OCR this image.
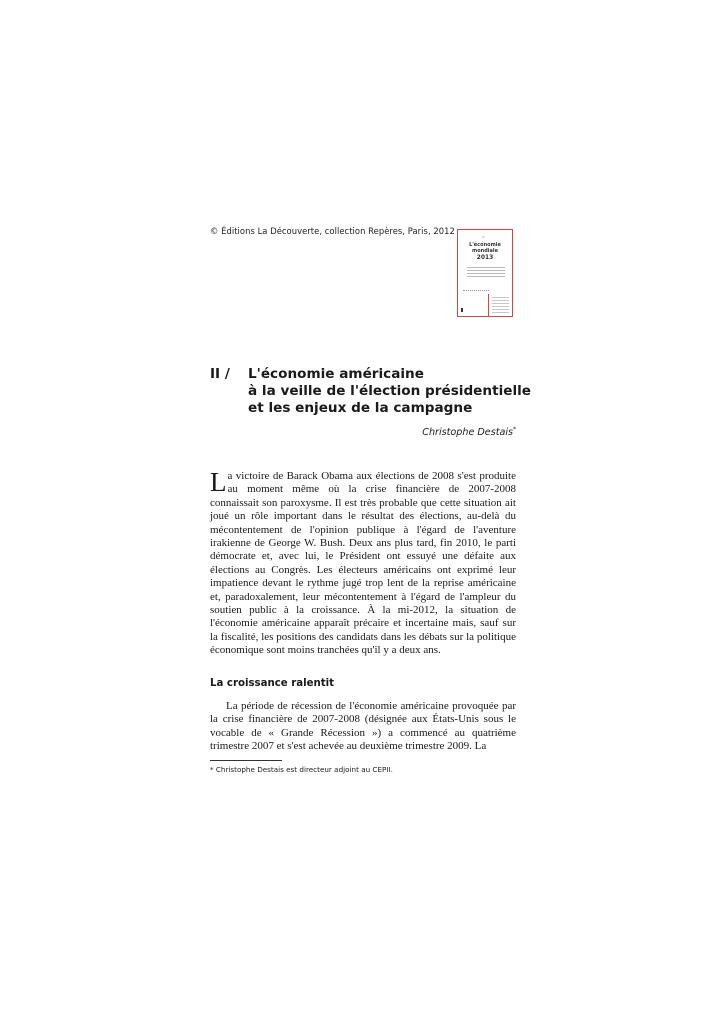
© Éditions La Découverte, collection Repères, Paris, 2012
▭
L'économie
mondiale
2013
II / L'économie américaine
à la veille de l'élection présidentielle
et les enjeux de la campagne
Christophe Destais*

La victoire de Barack Obama aux élections de 2008 s'est produite au moment même où la crise financière de 2007-2008 connaissait son paroxysme. Il est très probable que cette situation ait joué un rôle important dans le résultat des élections, au-delà du mécontentement de l'opinion publique à l'égard de l'aventure irakienne de George W. Bush. Deux ans plus tard, fin 2010, le parti démocrate et, avec lui, le Président ont essuyé une défaite aux élections au Congrès. Les électeurs américains ont exprimé leur impatience devant le rythme jugé trop lent de la reprise américaine et, paradoxalement, leur mécontentement à l'égard de l'ampleur du soutien public à la croissance. À la mi-2012, la situation de l'économie américaine apparaît précaire et incertaine mais, sauf sur la fiscalité, les positions des candidats dans les débats sur la politique économique sont moins tranchées qu'il y a deux ans.

La croissance ralentit

La période de récession de l'économie américaine provoquée par la crise financière de 2007-2008 (désignée aux États-Unis sous le vocable de « Grande Récession ») a commencé au quatrième trimestre 2007 et s'est achevée au deuxième trimestre 2009. La

* Christophe Destais est directeur adjoint au CEPII.
